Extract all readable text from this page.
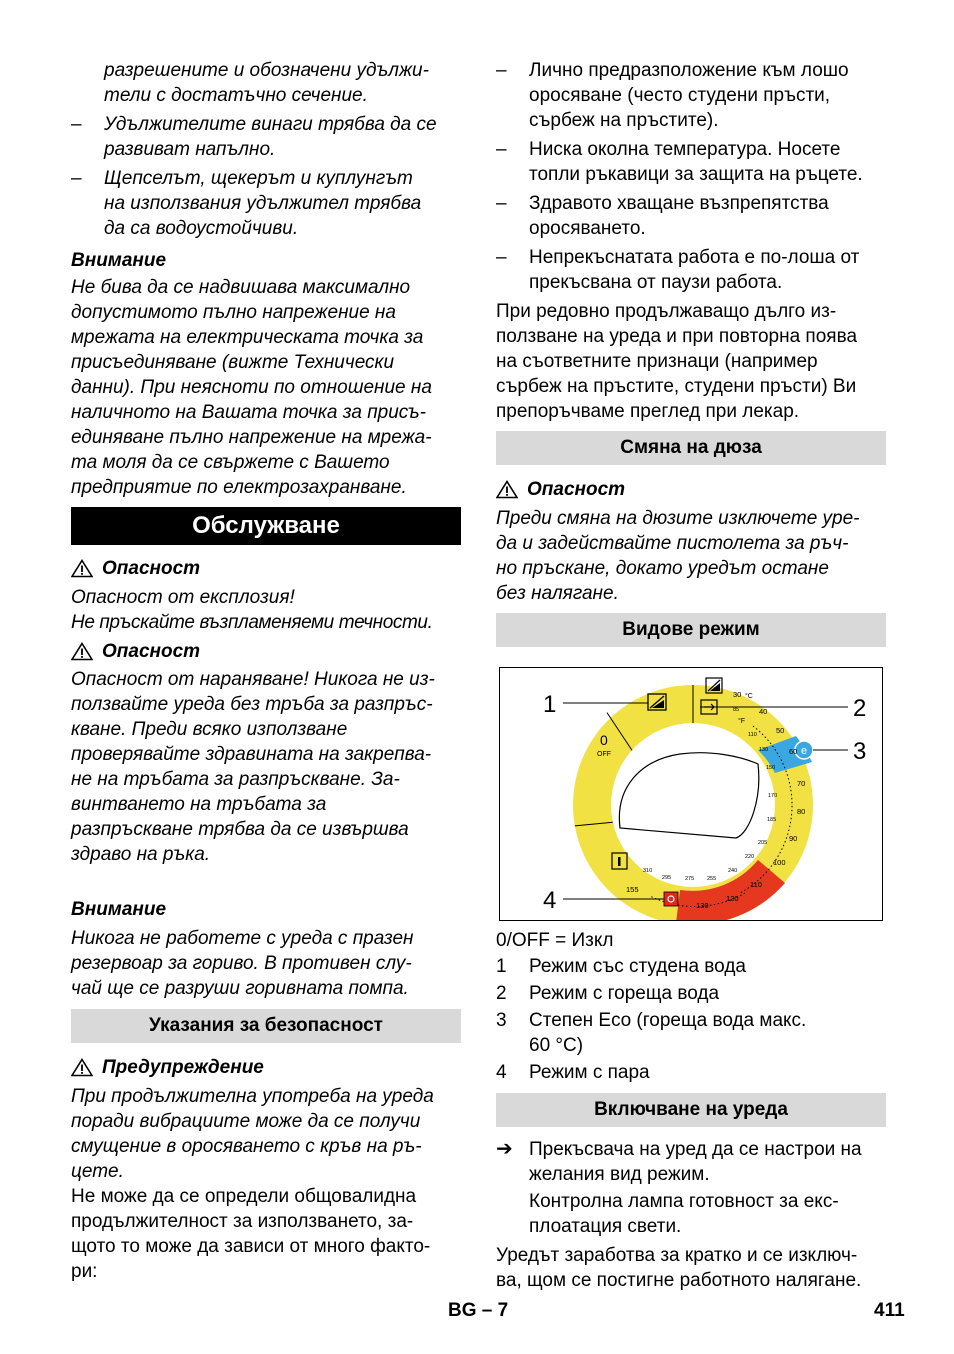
разрешените и обозначени удължи-

тели с достатъчно сечение.

– Удължителите винаги трябва да се
развиват напълно.
– Щепселът, щекерът и куплунгът
на използвания удължител трябва
да са водоустойчиви.

Внимание

Не бива да се надвишава максимално
допустимото пълно напрежение на
мрежата на електрическата точка за
присъединяване (вижте Технически
данни). При неясноти по отношение на
наличното на Вашата точка за присъ-
единяване пълно напрежение на мрежа-
та моля да се свържете с Вашето
предприятие по електрозахранване.
Обслужване
Опасност
Опасност от експлозия!
Не пръскайте възпламеняеми течности.
Опасност
Опасност от нараняване! Никога не из-
ползвайте уреда без тръба за разпръс-
кване. Преди всяко използване
проверявайте здравината на закрепва-
не на тръбата за разпръскване. За-
винтването на тръбата за
разпръскване трябва да се извършва
здраво на ръка.

Внимание

Никога не работете с уреда с празен
резервоар за гориво. В противен слу-
чай ще се разруши горивната помпа.
Указания за безопасност
Предупреждение
При продължителна употреба на уреда
поради вибрациите може да се получи
смущение в оросяването с кръв на ръ-
цете.
Не може да се определи общовалидна
продължителност за използването, за-
щото то може да зависи от много факто-
ри:
– Лично предразположение към лошо
оросяване (често студени пръсти,
сърбеж на пръстите).
– Ниска околна температура. Носете
топли ръкавици за защита на ръцете.
– Здравото хващане възпрепятства
оросяването.
– Непрекъснатата работа е по-лоша от
прекъсвана от паузи работа.
При редовно продължаващо дълго из-
ползване на уреда и при повторна поява
на съответните признаци (например
сърбеж на пръстите, студени пръсти) Ви
препоръчваме преглед при лекар.
Смяна на дюза
Опасност
Преди смяна на дюзите изключете уре-
да и задействайте пистолета за ръч-
но пръскане, докато уредът остане
без налягане.
Видове режим
e
0
OFF
°C
°F
30
40
50
60
70
80
90
100
110
120
130
85
110
130
150
170
185
205
220
240
255
275
295
310
155
1	2
3
4
0/OFF = Изкл
1 Режим със студена вода
2 Режим с гореща вода
3 Степен Eco (гореща вода макс.
60 °C)
4 Режим с пара
Включване на уреда
➔ Прекъсвача на уред да се настрои на
желания вид режим.
Контролна лампа готовност за екс-
плоатация свети.
Уредът заработва за кратко и се изключ-
ва, щом се постигне работното налягане.
BG – 7	411
